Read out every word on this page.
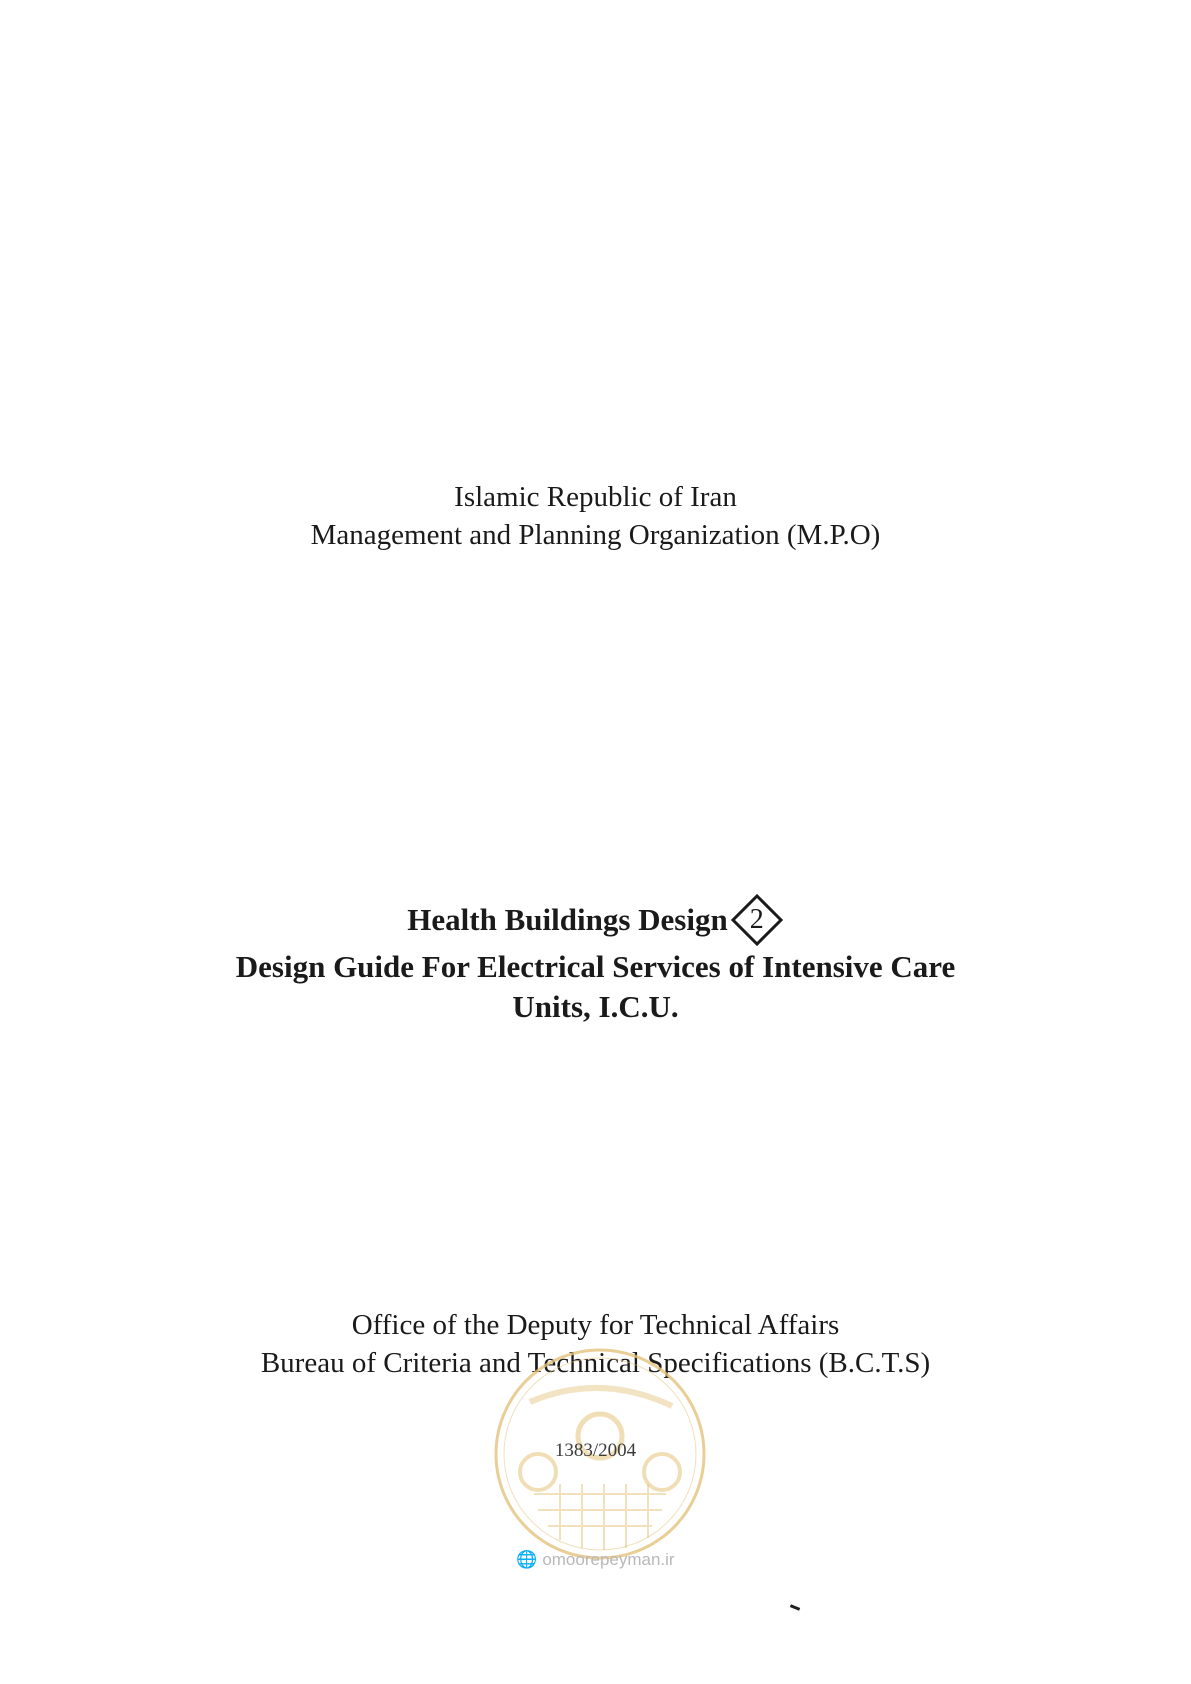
Islamic Republic of Iran
Management and Planning Organization (M.P.O)
Health Buildings Design 2
Design Guide For Electrical Services of Intensive Care
Units, I.C.U.
Office of the Deputy for Technical Affairs
Bureau of Criteria and Technical Specifications (B.C.T.S)
1383/2004
🌐 omoorepeyman.ir
